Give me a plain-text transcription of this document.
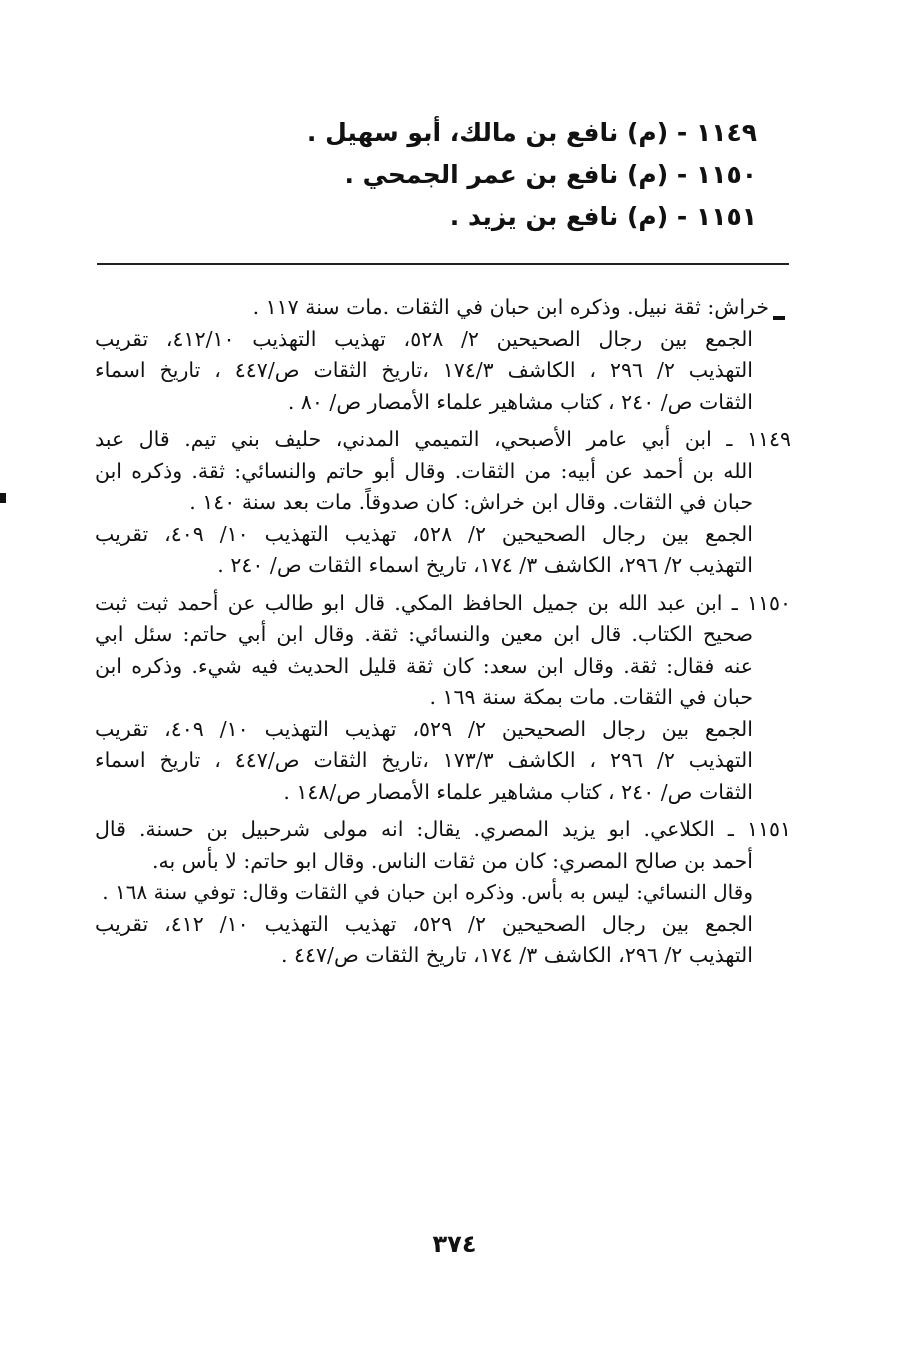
١١٤٩ - (م) نافع بن مالك، أبو سهيل .
١١٥٠ - (م) نافع بن عمر الجمحي .
١١٥١ - (م) نافع بن يزيد .
خراش: ثقة نبيل. وذكره ابن حبان في الثقات .مات سنة ١١٧ .
الجمع بين رجال الصحيحين ٢/ ٥٢٨، تهذيب التهذيب ٤١٢/١٠، تقريب
التهذيب ٢/ ٢٩٦ ، الكاشف ١٧٤/٣ ،تاريخ الثقات ص/٤٤٧ ، تاريخ اسماء
الثقات ص/ ٢٤٠ ، كتاب مشاهير علماء الأمصار ص/ ٨٠ .
١١٤٩ ـ ابن أبي عامر الأصبحي، التميمي المدني، حليف بني تيم. قال عبد
الله بن أحمد عن أبيه: من الثقات. وقال أبو حاتم والنسائي: ثقة. وذكره ابن
حبان في الثقات. وقال ابن خراش: كان صدوقاً. مات بعد سنة ١٤٠ .
الجمع بين رجال الصحيحين ٢/ ٥٢٨، تهذيب التهذيب ١٠/ ٤٠٩، تقريب
التهذيب ٢/ ٢٩٦، الكاشف ٣/ ١٧٤، تاريخ اسماء الثقات ص/ ٢٤٠ .
١١٥٠ ـ ابن عبد الله بن جميل الحافظ المكي. قال ابو طالب عن أحمد ثبت ثبت
صحيح الكتاب. قال ابن معين والنسائي: ثقة. وقال ابن أبي حاتم: سئل ابي
عنه فقال: ثقة. وقال ابن سعد: كان ثقة قليل الحديث فيه شيء. وذكره ابن
حبان في الثقات. مات بمكة سنة ١٦٩ .
الجمع بين رجال الصحيحين ٢/ ٥٢٩، تهذيب التهذيب ١٠/ ٤٠٩، تقريب
التهذيب ٢/ ٢٩٦ ، الكاشف ١٧٣/٣ ،تاريخ الثقات ص/٤٤٧ ، تاريخ اسماء
الثقات ص/ ٢٤٠ ، كتاب مشاهير علماء الأمصار ص/١٤٨ .
١١٥١ ـ الكلاعي. ابو يزيد المصري. يقال: انه مولى شرحبيل بن حسنة. قال
أحمد بن صالح المصري: كان من ثقات الناس. وقال ابو حاتم: لا بأس به.
وقال النسائي: ليس به بأس. وذكره ابن حبان في الثقات وقال: توفي سنة ١٦٨ .
الجمع بين رجال الصحيحين ٢/ ٥٢٩، تهذيب التهذيب ١٠/ ٤١٢، تقريب
التهذيب ٢/ ٢٩٦، الكاشف ٣/ ١٧٤، تاريخ الثقات ص/٤٤٧ .
٣٧٤
